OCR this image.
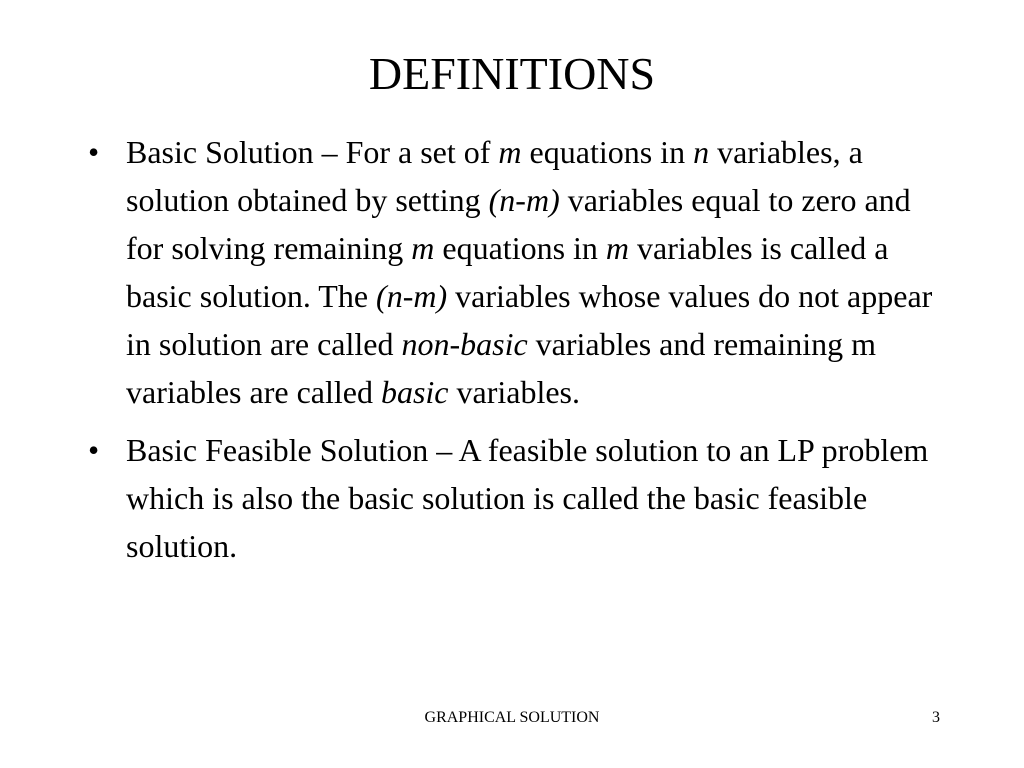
DEFINITIONS
• Basic Solution – For a set of m equations in n variables, a solution obtained by setting (n-m) variables equal to zero and for solving remaining m equations in m variables is called a basic solution. The (n-m) variables whose values do not appear in solution are called non-basic variables and remaining m variables are called basic variables.
• Basic Feasible Solution – A feasible solution to an LP problem which is also the basic solution is called the basic feasible solution.
GRAPHICAL SOLUTION	3
